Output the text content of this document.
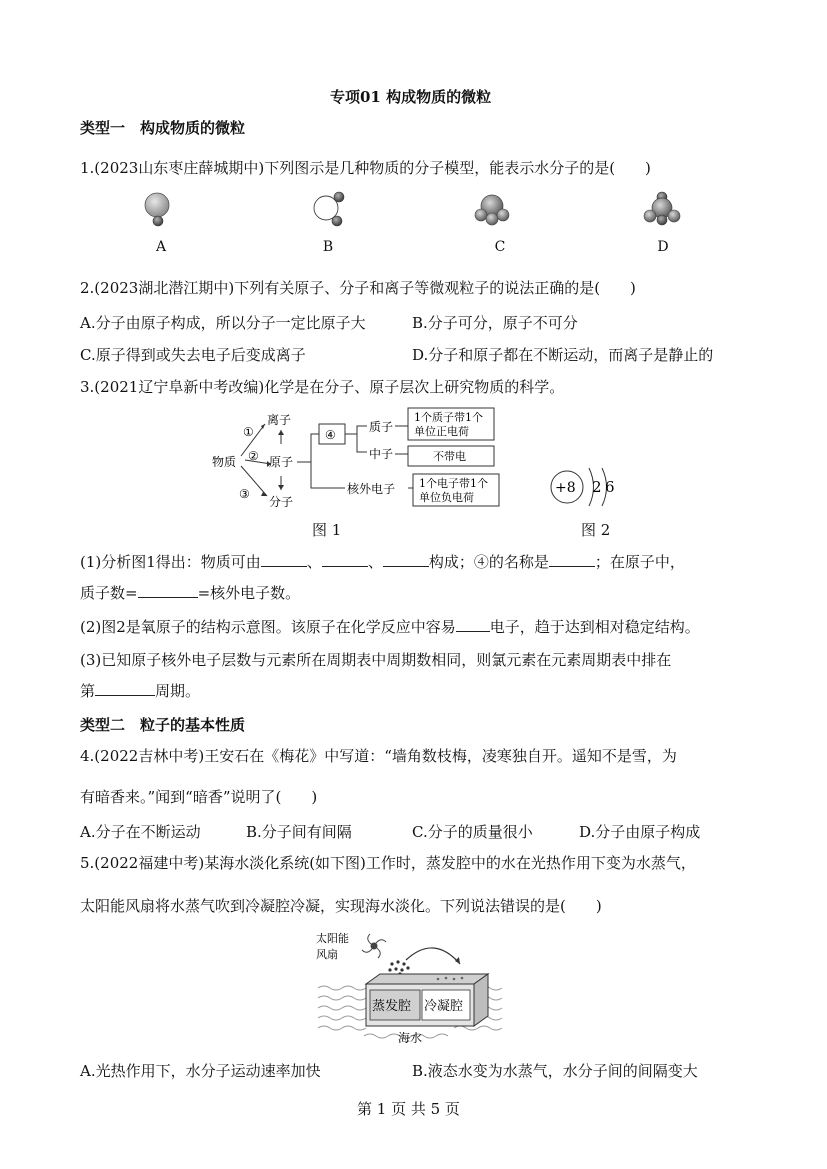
专项01 构成物质的微粒
类型一　构成物质的微粒
1.(2023山东枣庄薛城期中)下列图示是几种物质的分子模型，能表示水分子的是(　　)
A	B	C	D
2.(2023湖北潜江期中)下列有关原子、分子和离子等微观粒子的说法正确的是(　　)
A.分子由原子构成，所以分子一定比原子大	B.分子可分，原子不可分
C.原子得到或失去电子后变成离子	D.分子和原子都在不断运动，而离子是静止的
3.(2021辽宁阜新中考改编)化学是在分子、原子层次上研究物质的科学。
①
②
③
物质
离子
原子
分子
④
质子
中子
核外电子
1个质子带1个
单位正电荷
不带电
1个电子带1个
单位负电荷
图 1
+8 2 6
图 2
(1)分析图1得出：物质可由	、	、	构成；④的名称是	；在原子中，
质子数=	=核外电子数。
(2)图2是氧原子的结构示意图。该原子在化学反应中容易 电子，趋于达到相对稳定结构。
(3)已知原子核外电子层数与元素所在周期表中周期数相同，则氯元素在元素周期表中排在
第	周期。
类型二　粒子的基本性质
4.(2022吉林中考)王安石在《梅花》中写道：“墙角数枝梅，凌寒独自开。遥知不是雪，为
有暗香来。”闻到“暗香”说明了(　　)
A.分子在不断运动	B.分子间有间隔	C.分子的质量很小	D.分子由原子构成
5.(2022福建中考)某海水淡化系统(如下图)工作时，蒸发腔中的水在光热作用下变为水蒸气，
太阳能风扇将水蒸气吹到冷凝腔冷凝，实现海水淡化。下列说法错误的是(　　)
太阳能
风扇
蒸发腔 冷凝腔
海水
A.光热作用下，水分子运动速率加快	B.液态水变为水蒸气，水分子间的间隔变大
第 1 页 共 5 页
